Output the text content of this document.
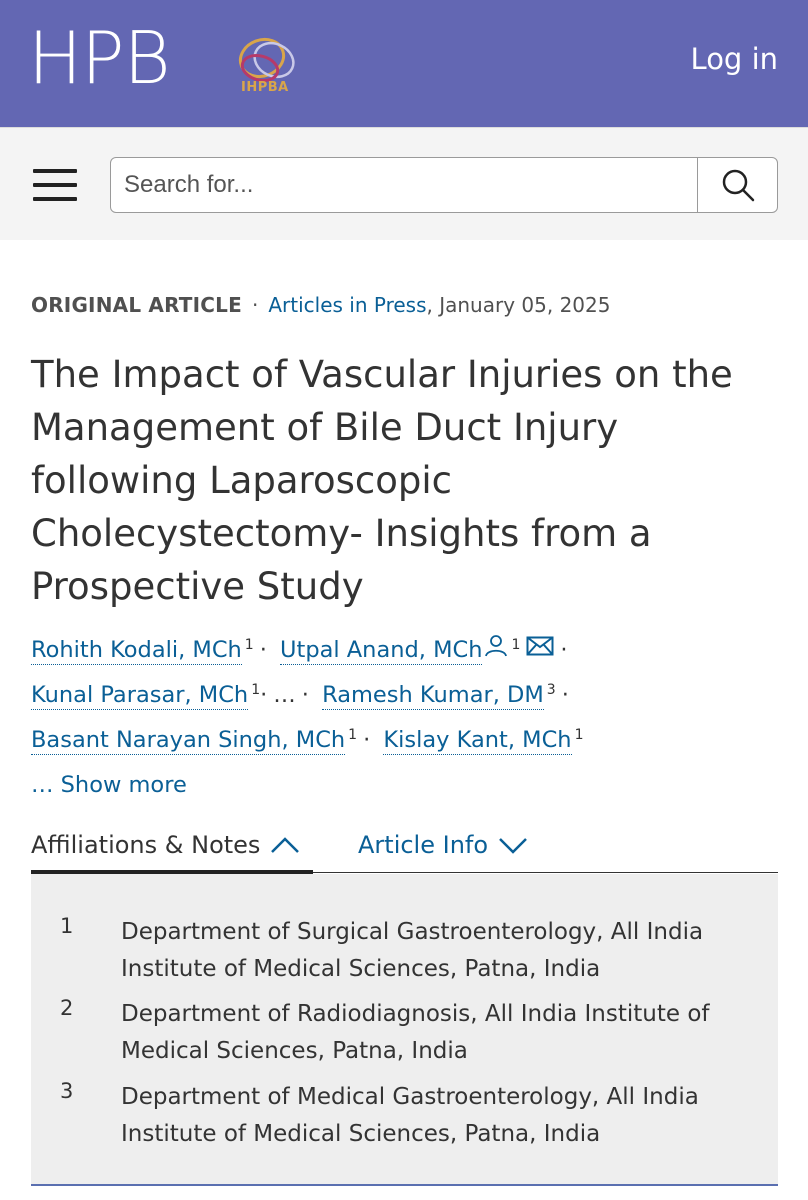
HPB	IHPBA
Log in
Search for...
ORIGINAL ARTICLE · Articles in Press, January 05, 2025
The Impact of Vascular Injuries on the Management of Bile Duct Injury following Laparoscopic Cholecystectomy- Insights from a Prospective Study
Rohith Kodali, MCh $^1$ · Utpal Anand, MCh $^1$ ·
Kunal Parasar, MCh $^1$· … · Ramesh Kumar, DM $^3$ ·
Basant Narayan Singh, MCh $^1$ · Kislay Kant, MCh $^1$
… Show more
Affiliations & Notes	Article Info
1 Department of Surgical Gastroenterology, All India Institute of Medical Sciences, Patna, India
2 Department of Radiodiagnosis, All India Institute of Medical Sciences, Patna, India
3 Department of Medical Gastroenterology, All India Institute of Medical Sciences, Patna, India
